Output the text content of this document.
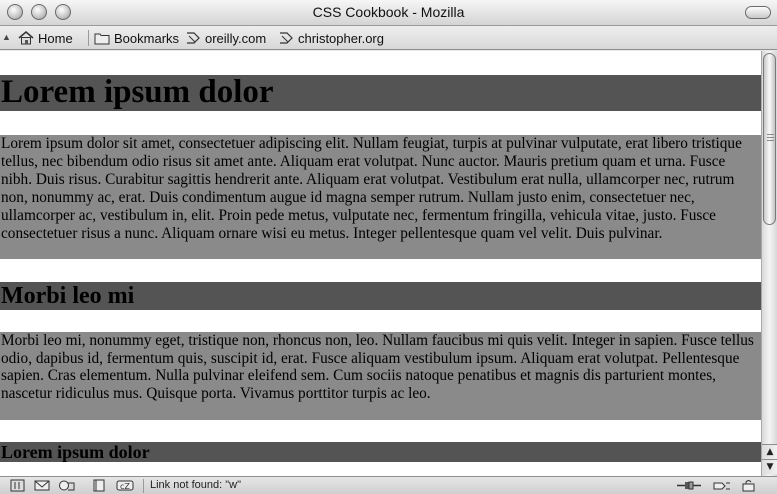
CSS Cookbook - Mozilla
▲ Home	Bookmarks oreilly.com christopher.org
Lorem ipsum dolor
Lorem ipsum dolor sit amet, consectetuer adipiscing elit. Nullam feugiat, turpis at pulvinar vulputate, erat libero tristique tellus, nec bibendum odio risus sit amet ante. Aliquam erat volutpat. Nunc auctor. Mauris pretium quam et urna. Fusce nibh. Duis risus. Curabitur sagittis hendrerit ante. Aliquam erat volutpat. Vestibulum erat nulla, ullamcorper nec, rutrum non, nonummy ac, erat. Duis condimentum augue id magna semper rutrum. Nullam justo enim, consectetuer nec, ullamcorper ac, vestibulum in, elit. Proin pede metus, vulputate nec, fermentum fringilla, vehicula vitae, justo. Fusce consectetuer risus a nunc. Aliquam ornare wisi eu metus. Integer pellentesque quam vel velit. Duis pulvinar.
Morbi leo mi
Morbi leo mi, nonummy eget, tristique non, rhoncus non, leo. Nullam faucibus mi quis velit. Integer in sapien. Fusce tellus odio, dapibus id, fermentum quis, suscipit id, erat. Fusce aliquam vestibulum ipsum. Aliquam erat volutpat. Pellentesque sapien. Cras elementum. Nulla pulvinar eleifend sem. Cum sociis natoque penatibus et magnis dis parturient montes, nascetur ridiculus mus. Quisque porta. Vivamus porttitor turpis ac leo.
Lorem ipsum dolor	▲
▼
cZ Link not found: "w"
